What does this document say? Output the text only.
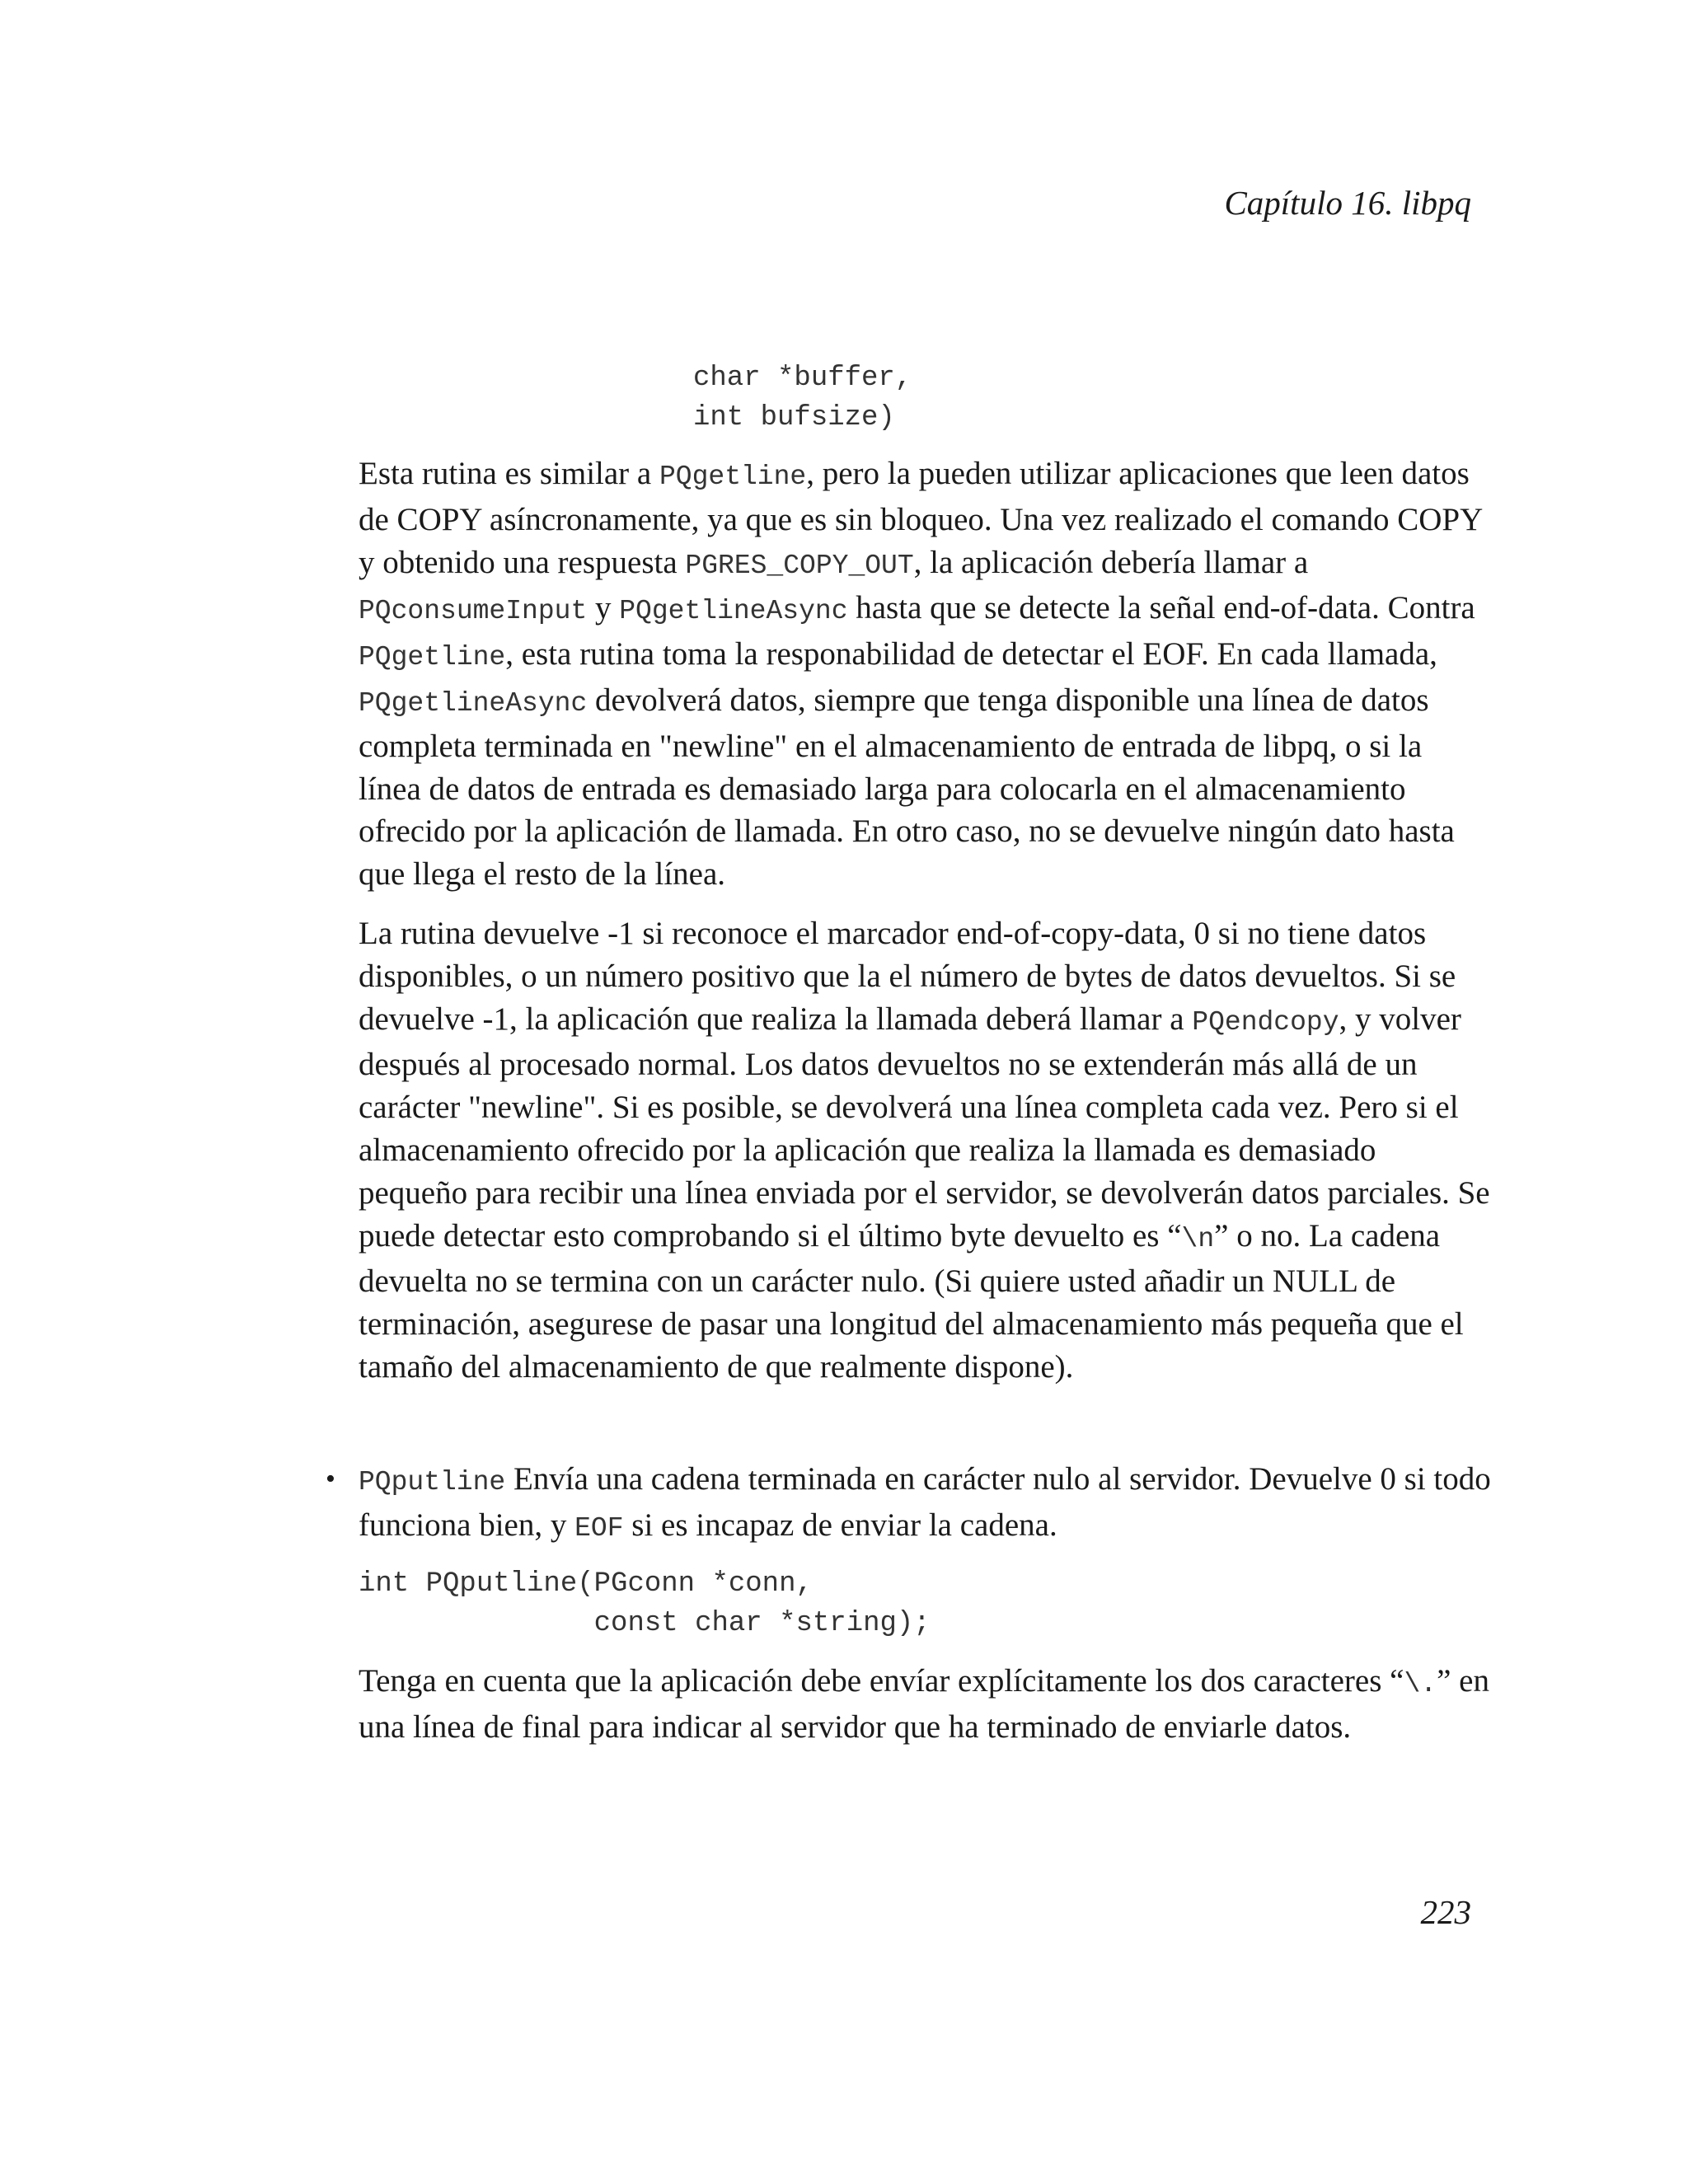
Capítulo 16. libpq
char *buffer,
int bufsize)

Esta rutina es similar a PQgetline, pero la pueden utilizar aplicaciones que leen datos de COPY asíncronamente, ya que es sin bloqueo. Una vez realizado el comando COPY y obtenido una respuesta PGRES_COPY_OUT, la aplicación debería llamar a PQconsumeInput y PQgetlineAsync hasta que se detecte la señal end-of-data. Contra PQgetline, esta rutina toma la responabilidad de detectar el EOF. En cada llamada, PQgetlineAsync devolverá datos, siempre que tenga disponible una línea de datos completa terminada en "newline" en el almacenamiento de entrada de libpq, o si la línea de datos de entrada es demasiado larga para colocarla en el almacenamiento ofrecido por la aplicación de llamada. En otro caso, no se devuelve ningún dato hasta que llega el resto de la línea.

La rutina devuelve -1 si reconoce el marcador end-of-copy-data, 0 si no tiene datos disponibles, o un número positivo que la el número de bytes de datos devueltos. Si se devuelve -1, la aplicación que realiza la llamada deberá llamar a PQendcopy, y volver después al procesado normal. Los datos devueltos no se extenderán más allá de un carácter "newline". Si es posible, se devolverá una línea completa cada vez. Pero si el almacenamiento ofrecido por la aplicación que realiza la llamada es demasiado pequeño para recibir una línea enviada por el servidor, se devolverán datos parciales. Se puede detectar esto comprobando si el último byte devuelto es “\n” o no. La cadena devuelta no se termina con un carácter nulo. (Si quiere usted añadir un NULL de terminación, asegurese de pasar una longitud del almacenamiento más pequeña que el tamaño del almacenamiento de que realmente dispone).

• PQputline Envía una cadena terminada en carácter nulo al servidor. Devuelve 0 si todo funciona bien, y EOF si es incapaz de enviar la cadena.

int PQputline(PGconn *conn,
const char *string);

Tenga en cuenta que la aplicación debe envíar explícitamente los dos caracteres “\.” en una línea de final para indicar al servidor que ha terminado de enviarle datos.

223
